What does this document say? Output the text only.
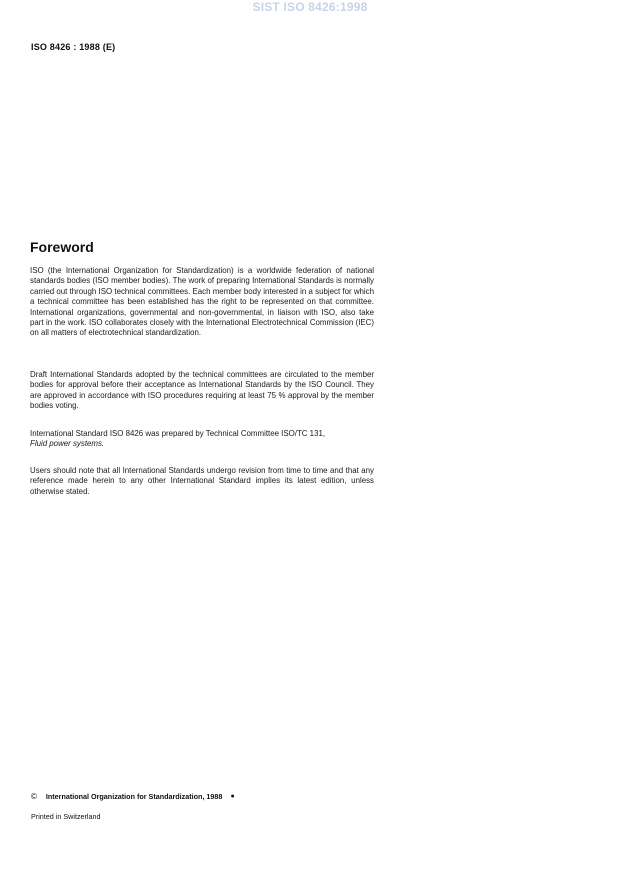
SIST ISO 8426:1998
ISO 8426 : 1988 (E)
Foreword

ISO (the International Organization for Standardization) is a worldwide federation of national standards bodies (ISO member bodies). The work of preparing International Standards is normally carried out through ISO technical committees. Each member body interested in a subject for which a technical committee has been established has the right to be represented on that committee. International organizations, governmental and non-governmental, in liaison with ISO, also take part in the work. ISO collaborates closely with the International Electrotechnical Commission (IEC) on all matters of electrotechnical standardization.

Draft International Standards adopted by the technical committees are circulated to the member bodies for approval before their acceptance as International Standards by the ISO Council. They are approved in accordance with ISO procedures requiring at least 75 % approval by the member bodies voting.

International Standard ISO 8426 was prepared by Technical Committee ISO/TC 131,
Fluid power systems.

Users should note that all International Standards undergo revision from time to time and that any reference made herein to any other International Standard implies its latest edition, unless otherwise stated.

© International Organization for Standardization, 1988 ●
Printed in Switzerland
